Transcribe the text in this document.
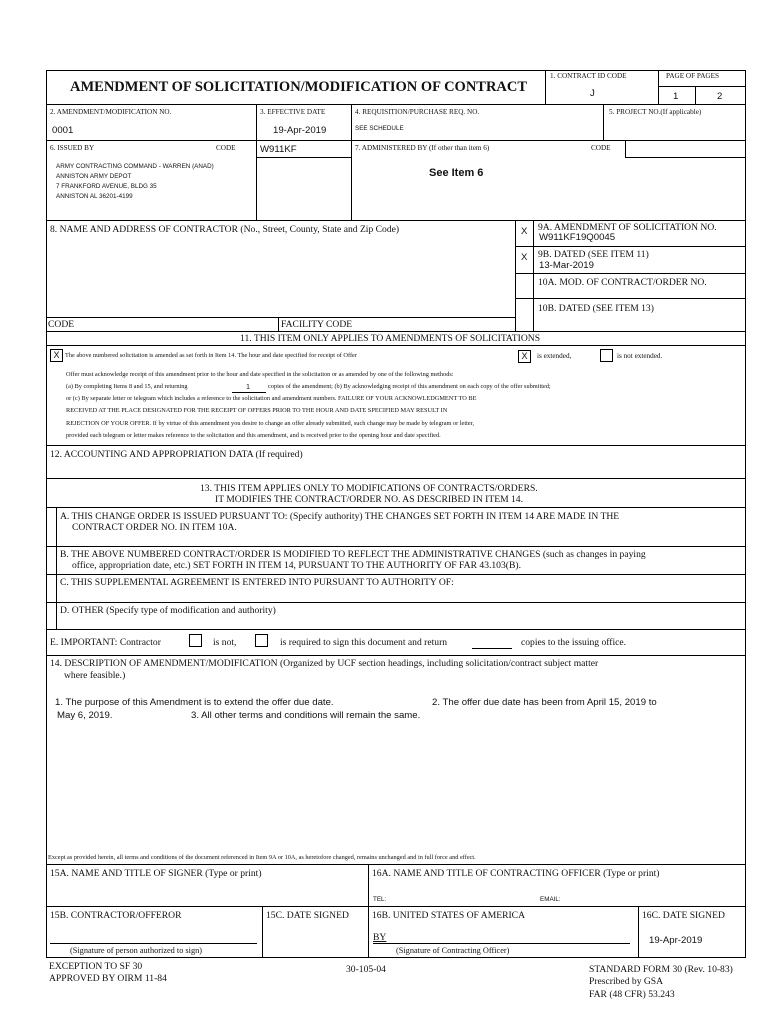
AMENDMENT OF SOLICITATION/MODIFICATION OF CONTRACT
1. CONTRACT ID CODE
J
PAGE OF PAGES
1	2
2. AMENDMENT/MODIFICATION NO.
0001
3. EFFECTIVE DATE
19-Apr-2019
4. REQUISITION/PURCHASE REQ. NO.
SEE SCHEDULE
5. PROJECT NO.(If applicable)
6. ISSUED BY	CODE	W911KF
ARMY CONTRACTING COMMAND - WARREN (ANAD)
ANNISTON ARMY DEPOT
7 FRANKFORD AVENUE, BLDG 35
ANNISTON AL 36201-4199
7. ADMINISTERED BY (If other than item 6)	CODE
See Item 6
8. NAME AND ADDRESS OF CONTRACTOR (No., Street, County, State and Zip Code)	X 9A. AMENDMENT OF SOLICITATION NO.
W911KF19Q0045
X 9B. DATED (SEE ITEM 11)
13-Mar-2019
10A. MOD. OF CONTRACT/ORDER NO.
10B. DATED (SEE ITEM 13)
CODE	FACILITY CODE
11. THIS ITEM ONLY APPLIES TO AMENDMENTS OF SOLICITATIONS
X The above numbered solicitation is amended as set forth in Item 14. The hour and date specified for receipt of Offer	X	is extended,	is not extended.
Offer must acknowledge receipt of this amendment prior to the hour and date specified in the solicitation or as amended by one of the following methods:
(a) By completing Items 8 and 15, and returning	1	copies of the amendment; (b) By acknowledging receipt of this amendment on each copy of the offer submitted;
or (c) By separate letter or telegram which includes a reference to the solicitation and amendment numbers. FAILURE OF YOUR ACKNOWLEDGMENT TO BE
RECEIVED AT THE PLACE DESIGNATED FOR THE RECEIPT OF OFFERS PRIOR TO THE HOUR AND DATE SPECIFIED MAY RESULT IN
REJECTION OF YOUR OFFER. If by virtue of this amendment you desire to change an offer already submitted, such change may be made by telegram or letter,
provided each telegram or letter makes reference to the solicitation and this amendment, and is received prior to the opening hour and date specified.
12. ACCOUNTING AND APPROPRIATION DATA (If required)
13. THIS ITEM APPLIES ONLY TO MODIFICATIONS OF CONTRACTS/ORDERS.
IT MODIFIES THE CONTRACT/ORDER NO. AS DESCRIBED IN ITEM 14.
A. THIS CHANGE ORDER IS ISSUED PURSUANT TO: (Specify authority) THE CHANGES SET FORTH IN ITEM 14 ARE MADE IN THE
CONTRACT ORDER NO. IN ITEM 10A.
B. THE ABOVE NUMBERED CONTRACT/ORDER IS MODIFIED TO REFLECT THE ADMINISTRATIVE CHANGES (such as changes in paying
office, appropriation date, etc.) SET FORTH IN ITEM 14, PURSUANT TO THE AUTHORITY OF FAR 43.103(B).
C. THIS SUPPLEMENTAL AGREEMENT IS ENTERED INTO PURSUANT TO AUTHORITY OF:
D. OTHER (Specify type of modification and authority)
E. IMPORTANT: Contractor	is not,	is required to sign this document and return	copies to the issuing office.
14. DESCRIPTION OF AMENDMENT/MODIFICATION (Organized by UCF section headings, including solicitation/contract subject matter
where feasible.)
1. The purpose of this Amendment is to extend the offer due date.	2. The offer due date has been from April 15, 2019 to
May 6, 2019.	3. All other terms and conditions will remain the same.
Except as provided herein, all terms and conditions of the document referenced in Item 9A or 10A, as heretofore changed, remains unchanged and in full force and effect.
15A. NAME AND TITLE OF SIGNER (Type or print)	16A. NAME AND TITLE OF CONTRACTING OFFICER (Type or print)
TEL:	EMAIL:
15B. CONTRACTOR/OFFEROR
(Signature of person authorized to sign)
15C. DATE SIGNED 16B. UNITED STATES OF AMERICA
BY
(Signature of Contracting Officer)
16C. DATE SIGNED
19-Apr-2019
EXCEPTION TO SF 30
APPROVED BY OIRM 11-84
30-105-04	STANDARD FORM 30 (Rev. 10-83)
Prescribed by GSA
FAR (48 CFR) 53.243
